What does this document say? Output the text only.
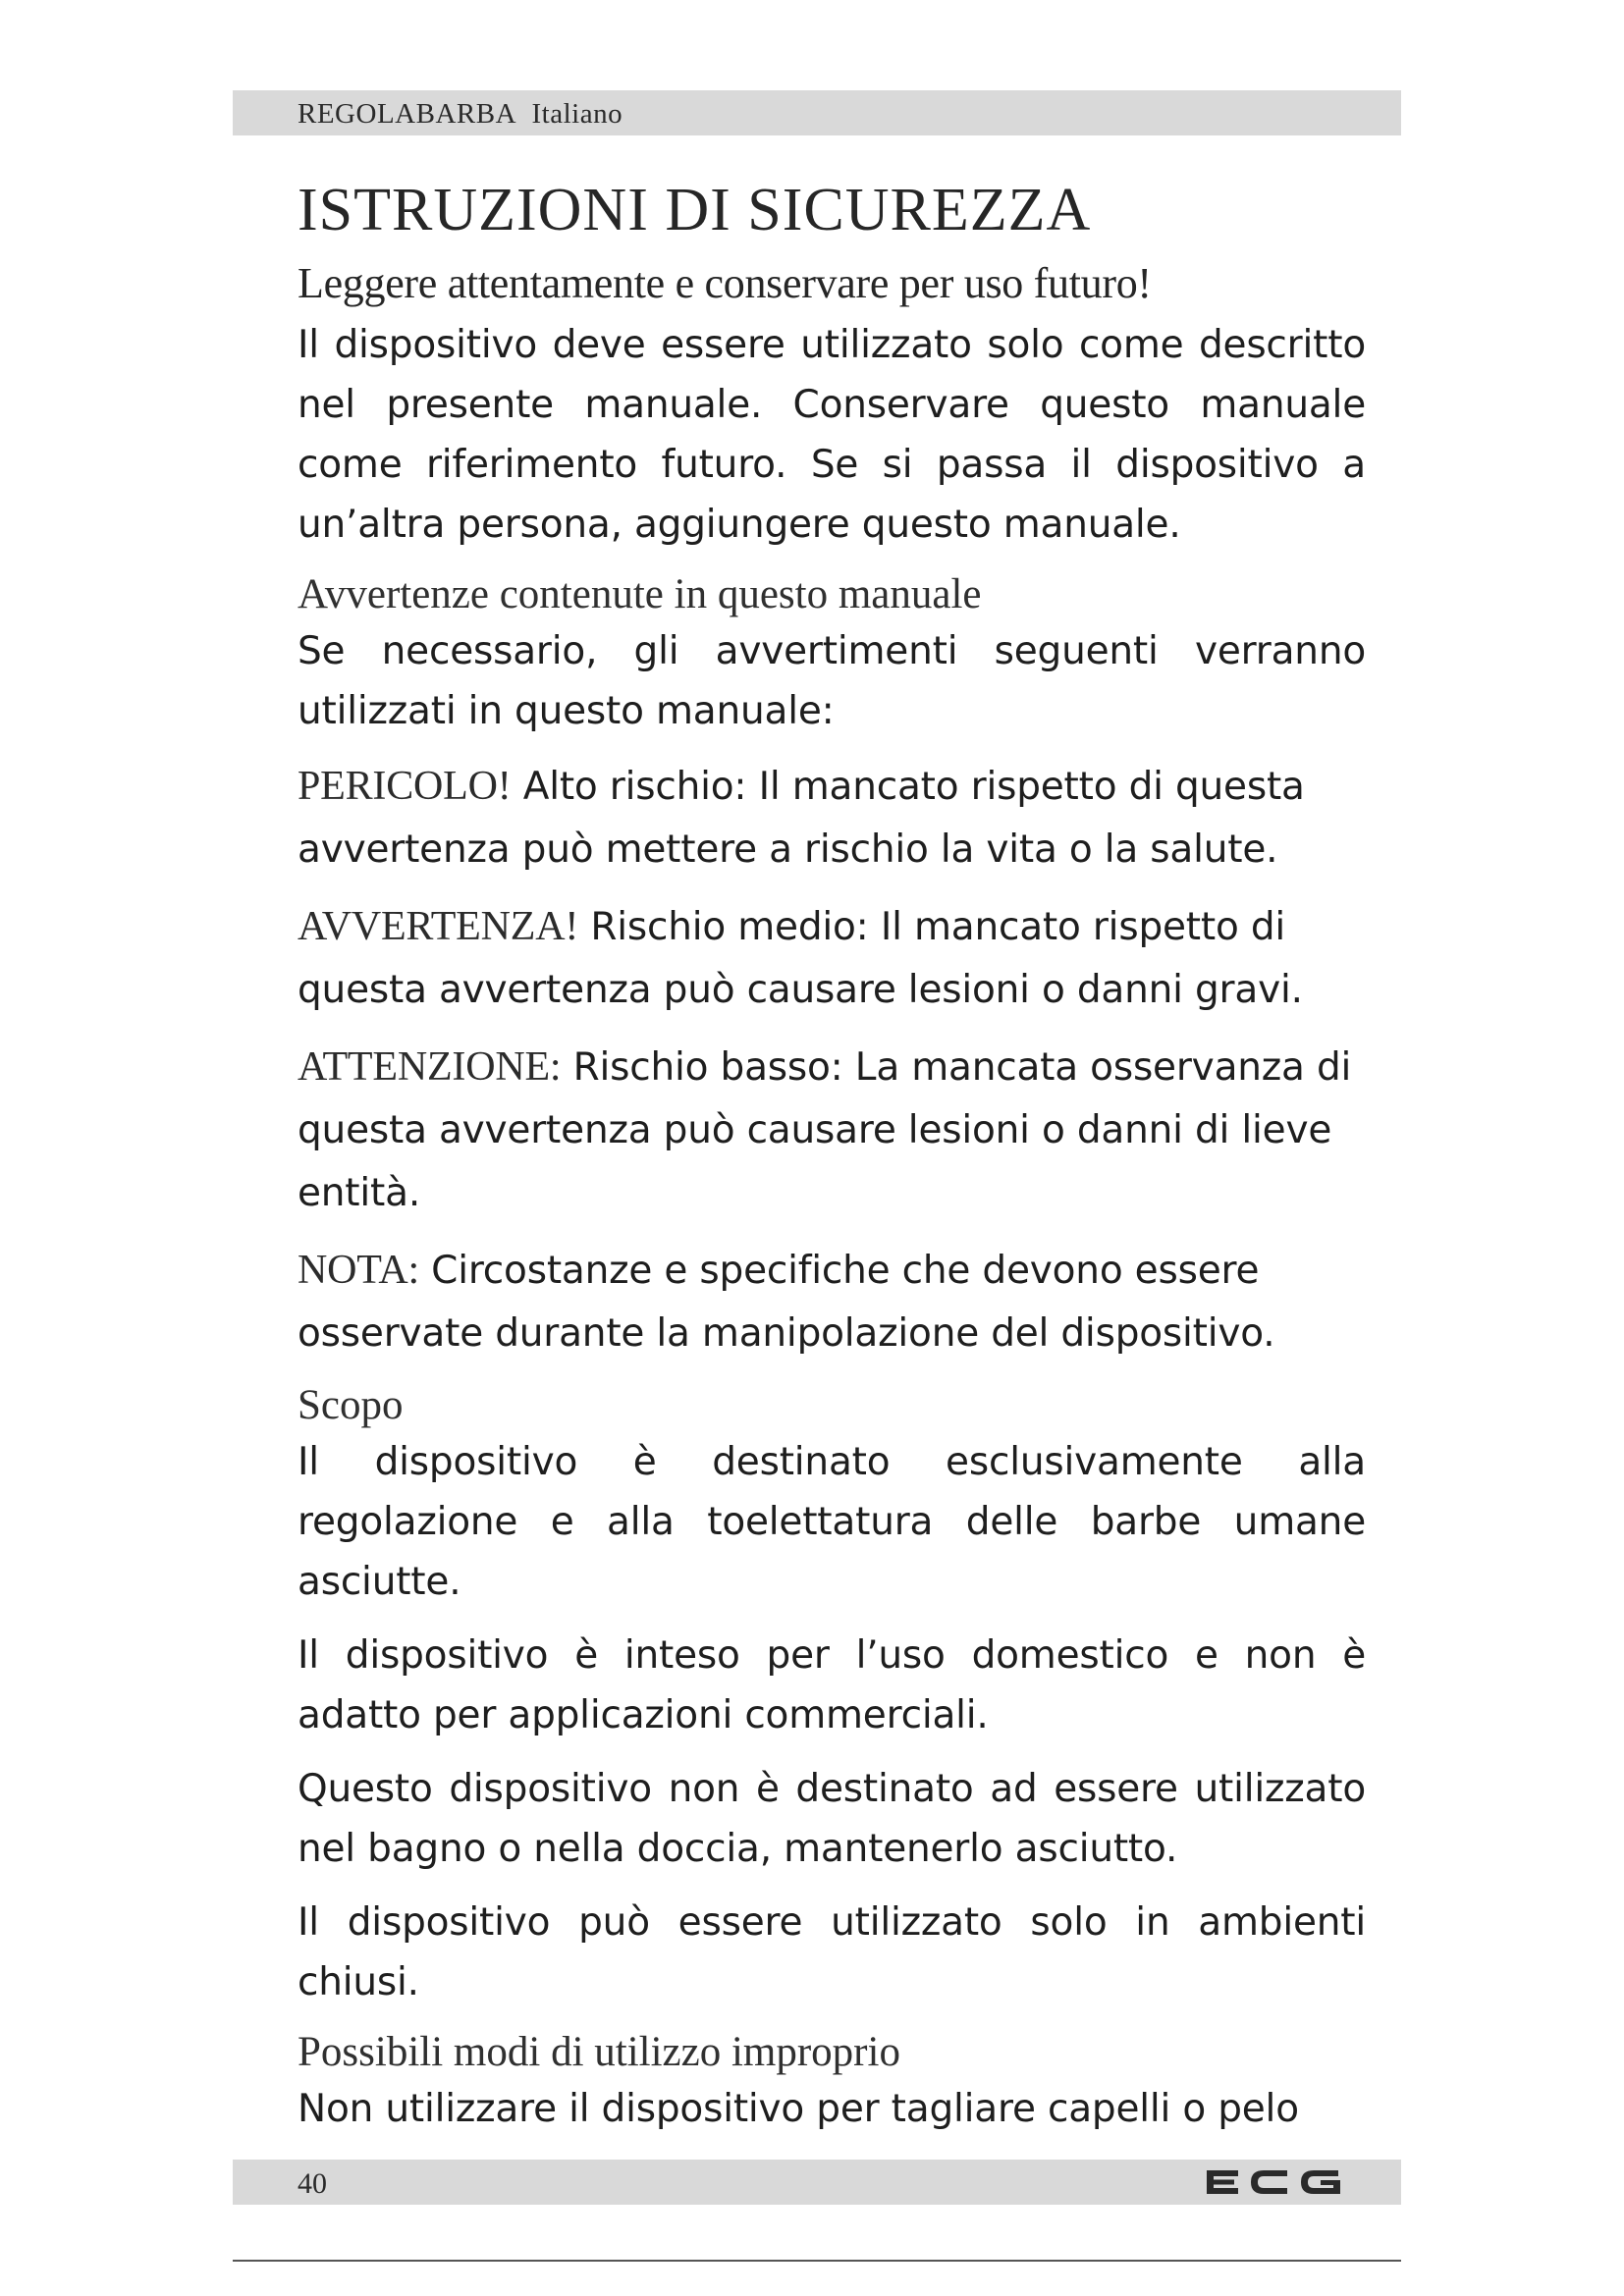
REGOLABARBA Italiano
ISTRUZIONI DI SICUREZZA

Leggere attentamente e conservare per uso futuro!

Il dispositivo deve essere utilizzato solo come descritto nel presente manuale. Conservare questo manuale come riferimento futuro. Se si passa il dispositivo a un’altra persona, aggiungere questo manuale.

Avvertenze contenute in questo manuale

Se necessario, gli avvertimenti seguenti verranno utilizzati in questo manuale:

PERICOLO! Alto rischio: Il mancato rispetto di questa avvertenza può mettere a rischio la vita o la salute.

AVVERTENZA! Rischio medio: Il mancato rispetto di questa avvertenza può causare lesioni o danni gravi.

ATTENZIONE: Rischio basso: La mancata osservanza di questa avvertenza può causare lesioni o danni di lieve entità.

NOTA: Circostanze e specifiche che devono essere osservate durante la manipolazione del dispositivo.

Scopo

Il dispositivo è destinato esclusivamente alla regolazione e alla toelettatura delle barbe umane asciutte.

Il dispositivo è inteso per l’uso domestico e non è adatto per applicazioni commerciali.

Questo dispositivo non è destinato ad essere utilizzato nel bagno o nella doccia, mantenerlo asciutto.

Il dispositivo può essere utilizzato solo in ambienti chiusi.

Possibili modi di utilizzo improprio

Non utilizzare il dispositivo per tagliare capelli o pelo

40
